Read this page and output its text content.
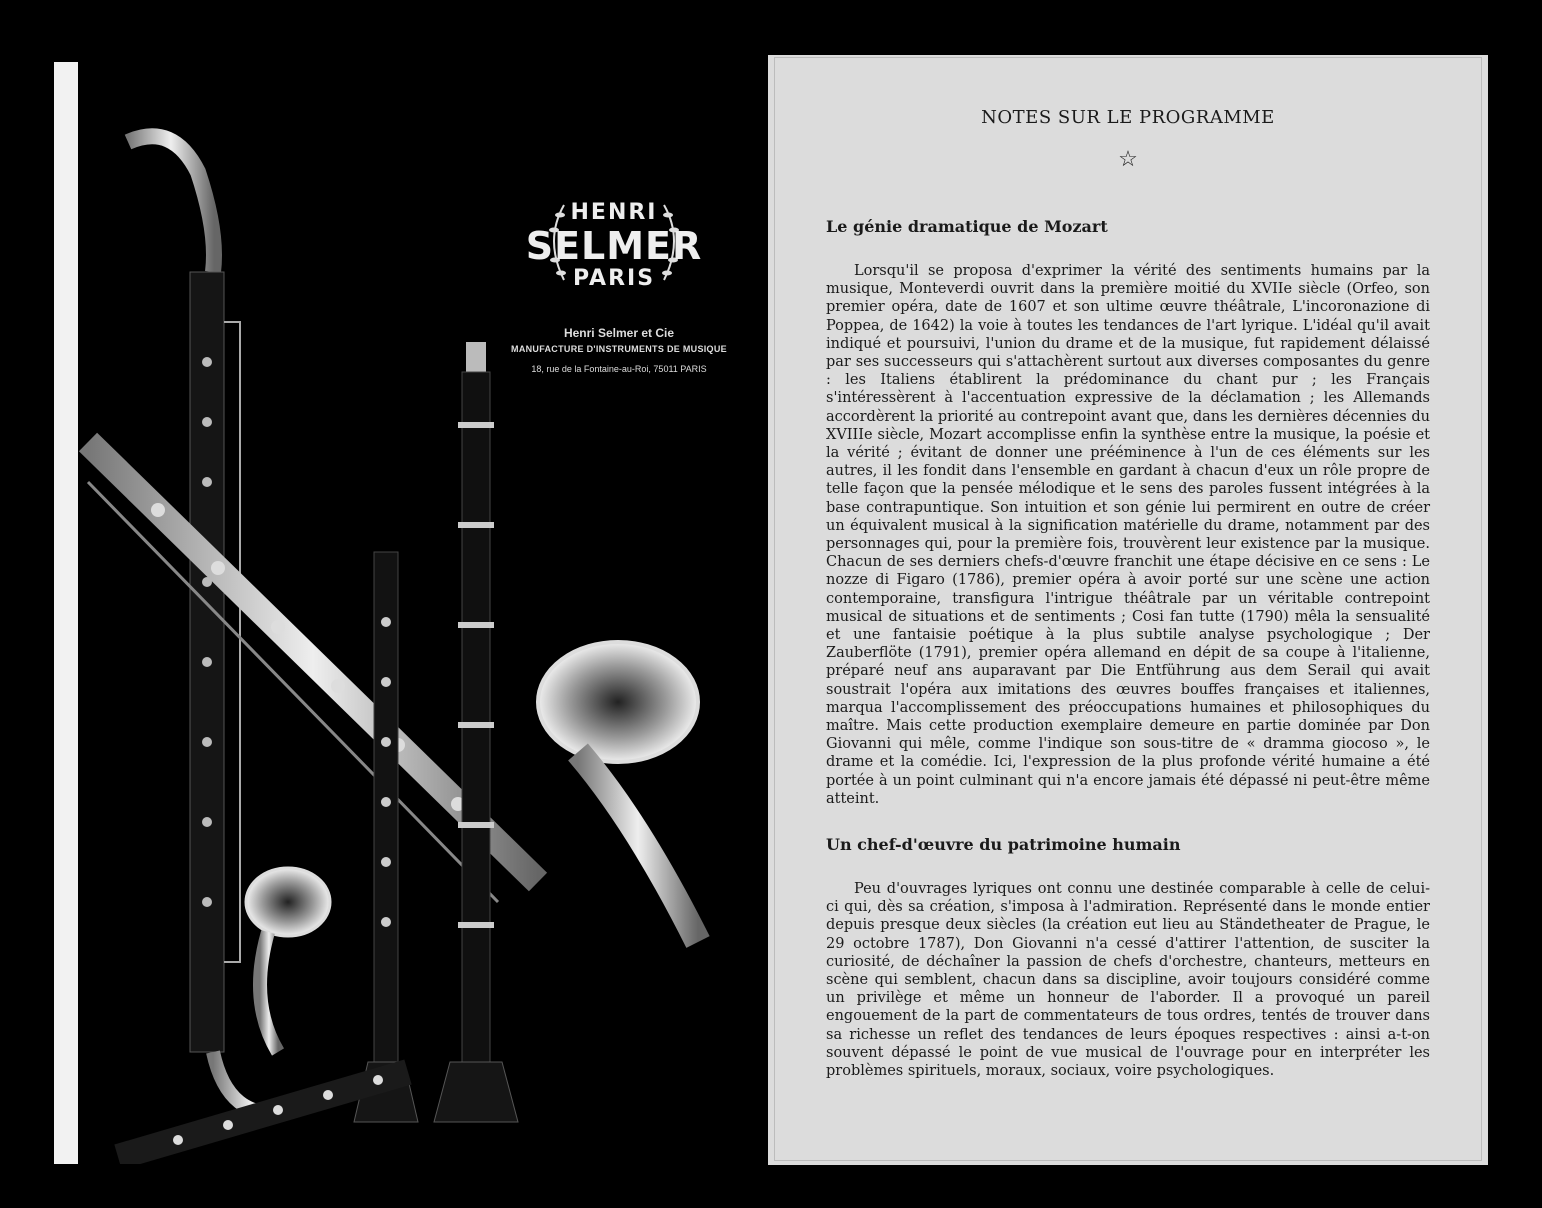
HENRI
SELMER
PARIS
Henri Selmer et Cie
MANUFACTURE D'INSTRUMENTS DE MUSIQUE
18, rue de la Fontaine-au-Roi, 75011 PARIS
NOTES SUR LE PROGRAMME
☆
Le génie dramatique de Mozart

Lorsqu'il se proposa d'exprimer la vérité des sentiments humains par la musique, Monteverdi ouvrit dans la première moitié du XVIIe siècle (Orfeo, son premier opéra, date de 1607 et son ultime œuvre théâtrale, L'incoronazione di Poppea, de 1642) la voie à toutes les tendances de l'art lyrique. L'idéal qu'il avait indiqué et poursuivi, l'union du drame et de la musique, fut rapidement délaissé par ses successeurs qui s'attachèrent surtout aux diverses composantes du genre : les Italiens établirent la prédominance du chant pur ; les Français s'intéressèrent à l'accentuation expressive de la déclamation ; les Allemands accordèrent la priorité au contrepoint avant que, dans les dernières décennies du XVIIIe siècle, Mozart accomplisse enfin la synthèse entre la musique, la poésie et la vérité ; évitant de donner une prééminence à l'un de ces éléments sur les autres, il les fondit dans l'ensemble en gardant à chacun d'eux un rôle propre de telle façon que la pensée mélodique et le sens des paroles fussent intégrées à la base contrapuntique. Son intuition et son génie lui permirent en outre de créer un équivalent musical à la signification matérielle du drame, notamment par des personnages qui, pour la première fois, trouvèrent leur existence par la musique. Chacun de ses derniers chefs-d'œuvre franchit une étape décisive en ce sens : Le nozze di Figaro (1786), premier opéra à avoir porté sur une scène une action contemporaine, transfigura l'intrigue théâtrale par un véritable contrepoint musical de situations et de sentiments ; Cosi fan tutte (1790) mêla la sensualité et une fantaisie poétique à la plus subtile analyse psychologique ; Der Zauberflöte (1791), premier opéra allemand en dépit de sa coupe à l'italienne, préparé neuf ans auparavant par Die Entführung aus dem Serail qui avait soustrait l'opéra aux imitations des œuvres bouffes françaises et italiennes, marqua l'accomplissement des préoccupations humaines et philosophiques du maître. Mais cette production exemplaire demeure en partie dominée par Don Giovanni qui mêle, comme l'indique son sous-titre de « dramma giocoso », le drame et la comédie. Ici, l'expression de la plus profonde vérité humaine a été portée à un point culminant qui n'a encore jamais été dépassé ni peut-être même atteint.

Un chef-d'œuvre du patrimoine humain

Peu d'ouvrages lyriques ont connu une destinée comparable à celle de celui-ci qui, dès sa création, s'imposa à l'admiration. Représenté dans le monde entier depuis presque deux siècles (la création eut lieu au Ständetheater de Prague, le 29 octobre 1787), Don Giovanni n'a cessé d'attirer l'attention, de susciter la curiosité, de déchaîner la passion de chefs d'orchestre, chanteurs, metteurs en scène qui semblent, chacun dans sa discipline, avoir toujours considéré comme un privilège et même un honneur de l'aborder. Il a provoqué un pareil engouement de la part de commentateurs de tous ordres, tentés de trouver dans sa richesse un reflet des tendances de leurs époques respectives : ainsi a-t-on souvent dépassé le point de vue musical de l'ouvrage pour en interpréter les problèmes spirituels, moraux, sociaux, voire psychologiques.
